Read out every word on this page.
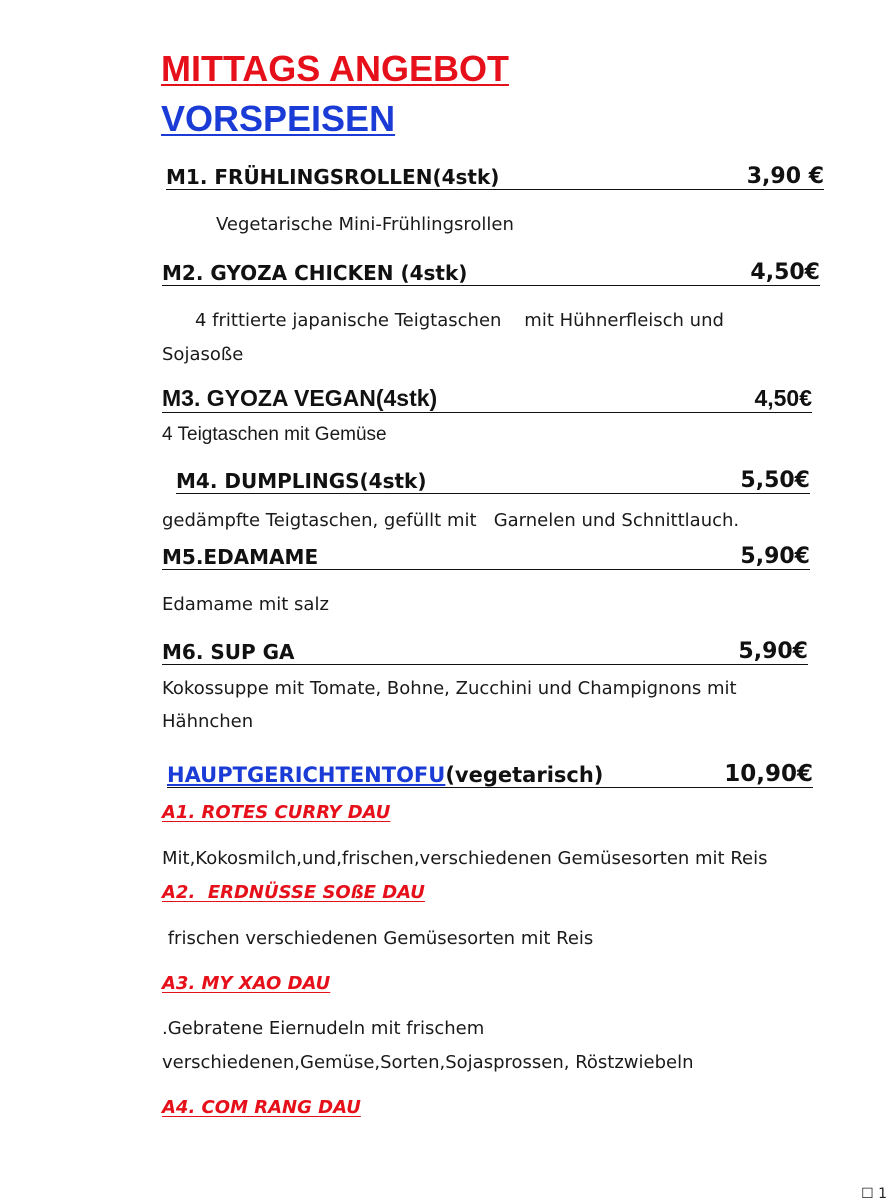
MITTAGS ANGEBOT
VORSPEISEN
M1. FRÜHLINGSROLLEN(4stk)	3,90 €
Vegetarische Mini-Frühlingsrollen
M2. GYOZA CHICKEN (4stk)	4,50€
4 frittierte japanische Teigtaschen    mit Hühnerfleisch und
Sojasoße
M3. GYOZA VEGAN(4stk)	4,50€
4 Teigtaschen mit Gemüse
M4. DUMPLINGS(4stk)	5,50€
gedämpfte Teigtaschen, gefüllt mit   Garnelen und Schnittlauch.
M5.EDAMAME	5,90€
Edamame mit salz
M6. SUP GA	5,90€
Kokossuppe mit Tomate, Bohne, Zucchini und Champignons mit
Hähnchen
HAUPTGERICHTENTOFU(vegetarisch)	10,90€
A1. ROTES CURRY DAU
Mit,Kokosmilch,und,frischen,verschiedenen Gemüsesorten mit Reis
A2.  ERDNÜSSE SOßE DAU
frischen verschiedenen Gemüsesorten mit Reis
A3. MY XAO DAU
.Gebratene Eiernudeln mit frischem
verschiedenen,Gemüse,Sorten,Sojasprossen, Röstzwiebeln
A4. COM RANG DAU
☐ 1
